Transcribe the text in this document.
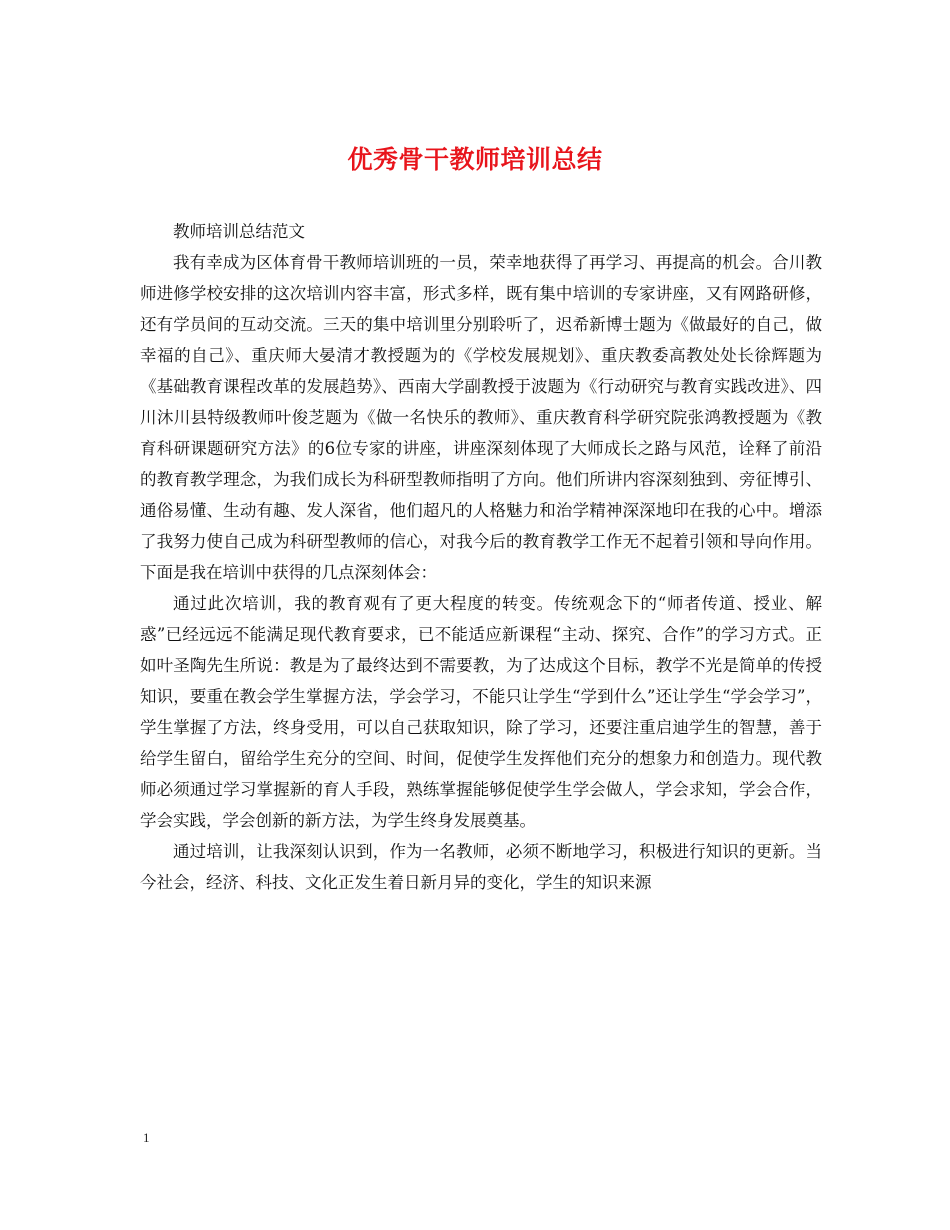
优秀骨干教师培训总结

教师培训总结范文

我有幸成为区体育骨干教师培训班的一员，荣幸地获得了再学习、再提高的机会。合川教师进修学校安排的这次培训内容丰富，形式多样，既有集中培训的专家讲座，又有网路研修，还有学员间的互动交流。三天的集中培训里分别聆听了，迟希新博士题为《做最好的自己，做幸福的自己》、重庆师大晏清才教授题为的《学校发展规划》、重庆教委高教处处长徐辉题为《基础教育课程改革的发展趋势》、西南大学副教授于波题为《行动研究与教育实践改进》、四川沐川县特级教师叶俊芝题为《做一名快乐的教师》、重庆教育科学研究院张鸿教授题为《教育科研课题研究方法》的6位专家的讲座，讲座深刻体现了大师成长之路与风范，诠释了前沿的教育教学理念，为我们成长为科研型教师指明了方向。他们所讲内容深刻独到、旁征博引、通俗易懂、生动有趣、发人深省，他们超凡的人格魅力和治学精神深深地印在我的心中。增添了我努力使自己成为科研型教师的信心，对我今后的教育教学工作无不起着引领和导向作用。下面是我在培训中获得的几点深刻体会：

通过此次培训，我的教育观有了更大程度的转变。传统观念下的“师者传道、授业、解惑”已经远远不能满足现代教育要求，已不能适应新课程“主动、探究、合作”的学习方式。正如叶圣陶先生所说：教是为了最终达到不需要教，为了达成这个目标，教学不光是简单的传授知识，要重在教会学生掌握方法，学会学习，不能只让学生“学到什么”还让学生“学会学习”，学生掌握了方法，终身受用，可以自己获取知识，除了学习，还要注重启迪学生的智慧，善于给学生留白，留给学生充分的空间、时间，促使学生发挥他们充分的想象力和创造力。现代教师必须通过学习掌握新的育人手段，熟练掌握能够促使学生学会做人，学会求知，学会合作，学会实践，学会创新的新方法，为学生终身发展奠基。

通过培训，让我深刻认识到，作为一名教师，必须不断地学习，积极进行知识的更新。当今社会，经济、科技、文化正发生着日新月异的变化，学生的知识来源

1
